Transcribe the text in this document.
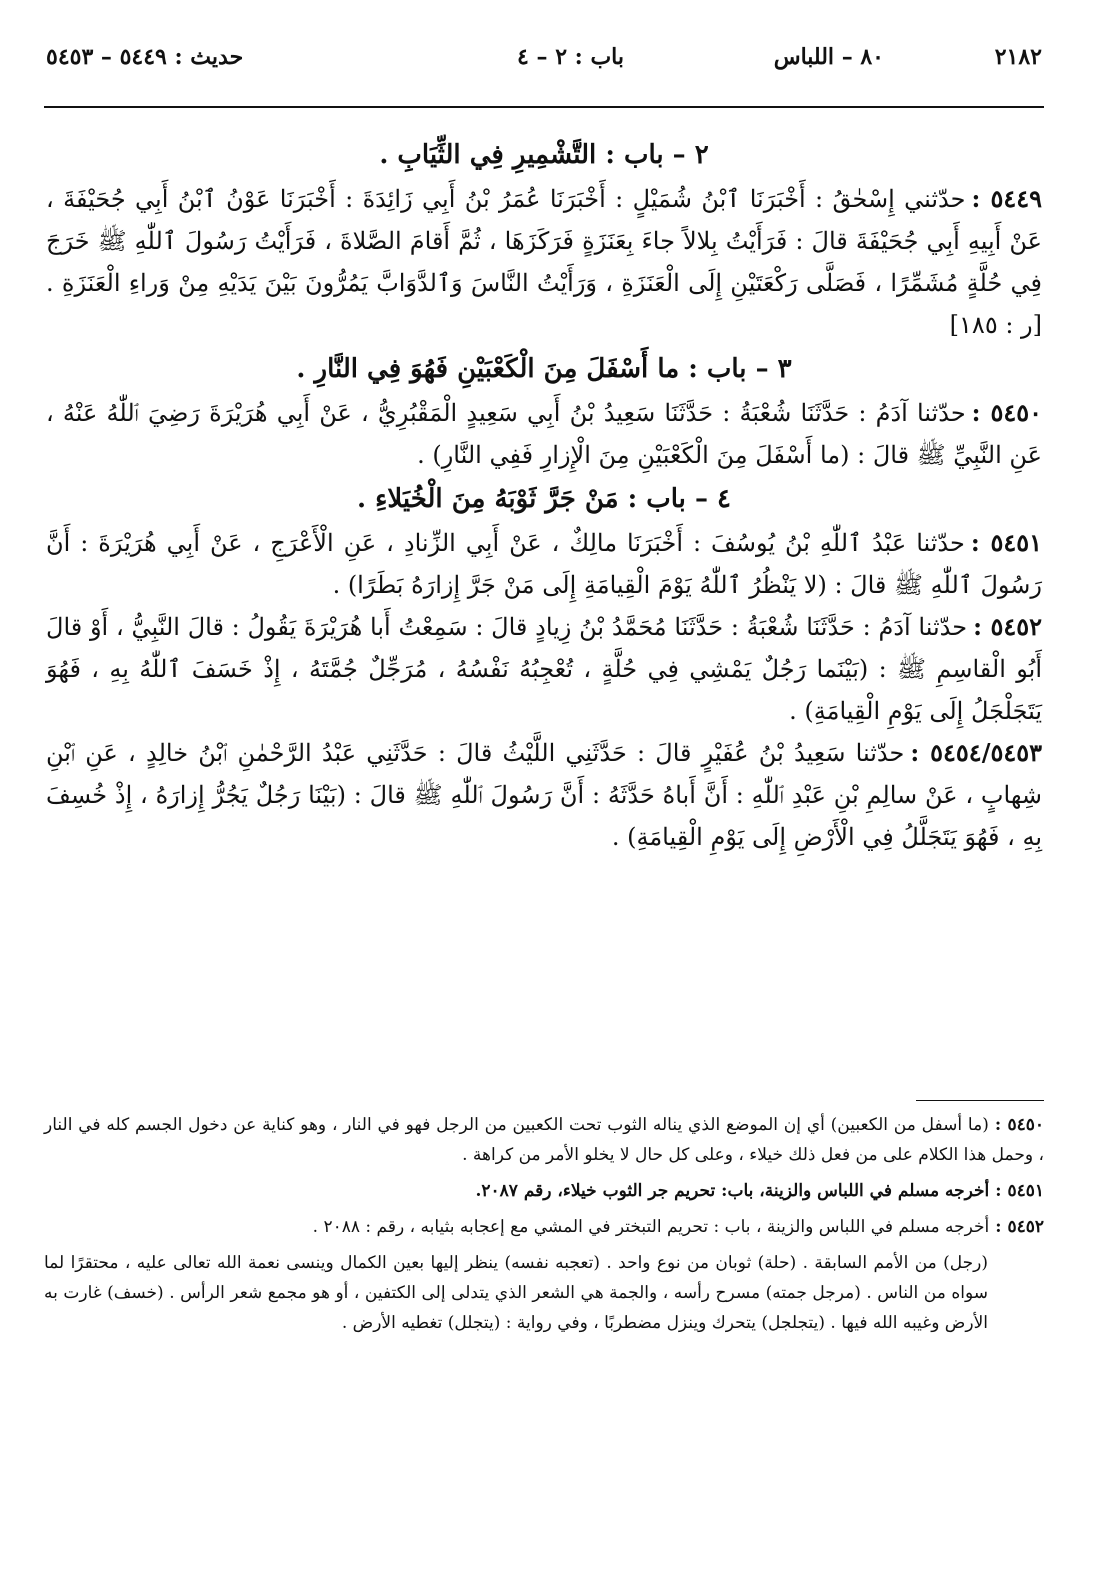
٢١٨٢
٨٠ – اللباس
باب : ٢ – ٤
حديث : ٥٤٤٩ – ٥٤٥٣
٢ – باب : التَّشْمِيرِ فِي الثِّيَابِ .

٥٤٤٩ :حدّثني إِسْحٰقُ : أَخْبَرَنَا ٱبْنُ شُمَيْلٍ : أَخْبَرَنَا عُمَرُ بْنُ أَبِي زَائِدَةَ : أَخْبَرَنَا عَوْنُ ٱبْنُ أَبِي جُحَيْفَةَ ، عَنْ أَبِيهِ أَبِي جُحَيْفَةَ قالَ : فَرَأَيْتُ بِلالاً جاءَ بِعَنَزَةٍ فَرَكَزَهَا ، ثُمَّ أَقامَ الصَّلاةَ ، فَرَأَيْتُ رَسُولَ ٱللّٰهِ ﷺ خَرَجَ فِي حُلَّةٍ مُشَمِّرًا ، فَصَلَّى رَكْعَتَيْنِ إِلَى الْعَنَزَةِ ، وَرَأَيْتُ النَّاسَ وَٱلدَّوَابَّ يَمُرُّونَ بَيْنَ يَدَيْهِ مِنْ وَراءِ الْعَنَزَةِ . [ر : ١٨٥]

٣ – باب : ما أَسْفَلَ مِنَ الْكَعْبَيْنِ فَهُوَ فِي النَّارِ .

٥٤٥٠ :حدّثنا آدَمُ : حَدَّثَنَا شُعْبَةُ : حَدَّثَنَا سَعِيدُ بْنُ أَبِي سَعِيدٍ الْمَقْبُرِيُّ ، عَنْ أَبِي هُرَيْرَةَ رَضِيَ ٱللّٰهُ عَنْهُ ، عَنِ النَّبِيِّ ﷺ قالَ : (ما أَسْفَلَ مِنَ الْكَعْبَيْنِ مِنَ الْإِزارِ فَفِي النَّارِ) .

٤ – باب : مَنْ جَرَّ ثَوْبَهُ مِنَ الْخُيَلاءِ .

٥٤٥١ :حدّثنا عَبْدُ ٱللّٰهِ بْنُ يُوسُفَ : أَخْبَرَنَا مالِكٌ ، عَنْ أَبِي الزِّنادِ ، عَنِ الْأَعْرَجِ ، عَنْ أَبِي هُرَيْرَةَ : أَنَّ رَسُولَ ٱللّٰهِ ﷺ قالَ : (لا يَنْظُرُ ٱللّٰهُ يَوْمَ الْقِيامَةِ إِلَى مَنْ جَرَّ إِزارَهُ بَطَرًا) .

٥٤٥٢ :حدّثنا آدَمُ : حَدَّثَنَا شُعْبَةُ : حَدَّثَنَا مُحَمَّدُ بْنُ زِيادٍ قالَ : سَمِعْتُ أَبا هُرَيْرَةَ يَقُولُ : قالَ النَّبِيُّ ، أَوْ قالَ أَبُو الْقاسِمِ ﷺ : (بَيْنَما رَجُلٌ يَمْشِي فِي حُلَّةٍ ، تُعْجِبُهُ نَفْسُهُ ، مُرَجِّلٌ جُمَّتَهُ ، إِذْ خَسَفَ ٱللّٰهُ بِهِ ، فَهُوَ يَتَجَلْجَلُ إِلَى يَوْمِ الْقِيامَةِ) .

٥٤٥٤/٥٤٥٣ :حدّثنا سَعِيدُ بْنُ عُفَيْرٍ قالَ : حَدَّثَنِي اللَّيْثُ قالَ : حَدَّثَنِي عَبْدُ الرَّحْمٰنِ ٱبْنُ خالِدٍ ، عَنِ ٱبْنِ شِهابٍ ، عَنْ سالِمِ بْنِ عَبْدِ ٱللّٰهِ : أَنَّ أَباهُ حَدَّثَهُ : أَنَّ رَسُولَ ٱللّٰهِ ﷺ قالَ : (بَيْنَا رَجُلٌ يَجُرُّ إِزارَهُ ، إِذْ خُسِفَ بِهِ ، فَهُوَ يَتَجَلَّلُ فِي الْأَرْضِ إِلَى يَوْمِ الْقِيامَةِ) .

٥٤٥٠ :(ما أسفل من الكعبين) أي إن الموضع الذي يناله الثوب تحت الكعبين من الرجل فهو في النار ، وهو كناية عن دخول الجسم كله في النار ، وحمل هذا الكلام على من فعل ذلك خيلاء ، وعلى كل حال لا يخلو الأمر من كراهة .

٥٤٥١ :أخرجه مسلم في اللباس والزينة، باب: تحريم جر الثوب خيلاء، رقم ٢٠٨٧.

٥٤٥٢ :أخرجه مسلم في اللباس والزينة ، باب : تحريم التبختر في المشي مع إعجابه بثيابه ، رقم : ٢٠٨٨ .

(رجل) من الأمم السابقة . (حلة) ثوبان من نوع واحد . (تعجبه نفسه) ينظر إليها بعين الكمال وينسى نعمة الله تعالى عليه ، محتقرًا لما سواه من الناس . (مرجل جمته) مسرح رأسه ، والجمة هي الشعر الذي يتدلى إلى الكتفين ، أو هو مجمع شعر الرأس . (خسف) غارت به الأرض وغيبه الله فيها . (يتجلجل) يتحرك وينزل مضطربًا ، وفي رواية : (يتجلل) تغطيه الأرض .
